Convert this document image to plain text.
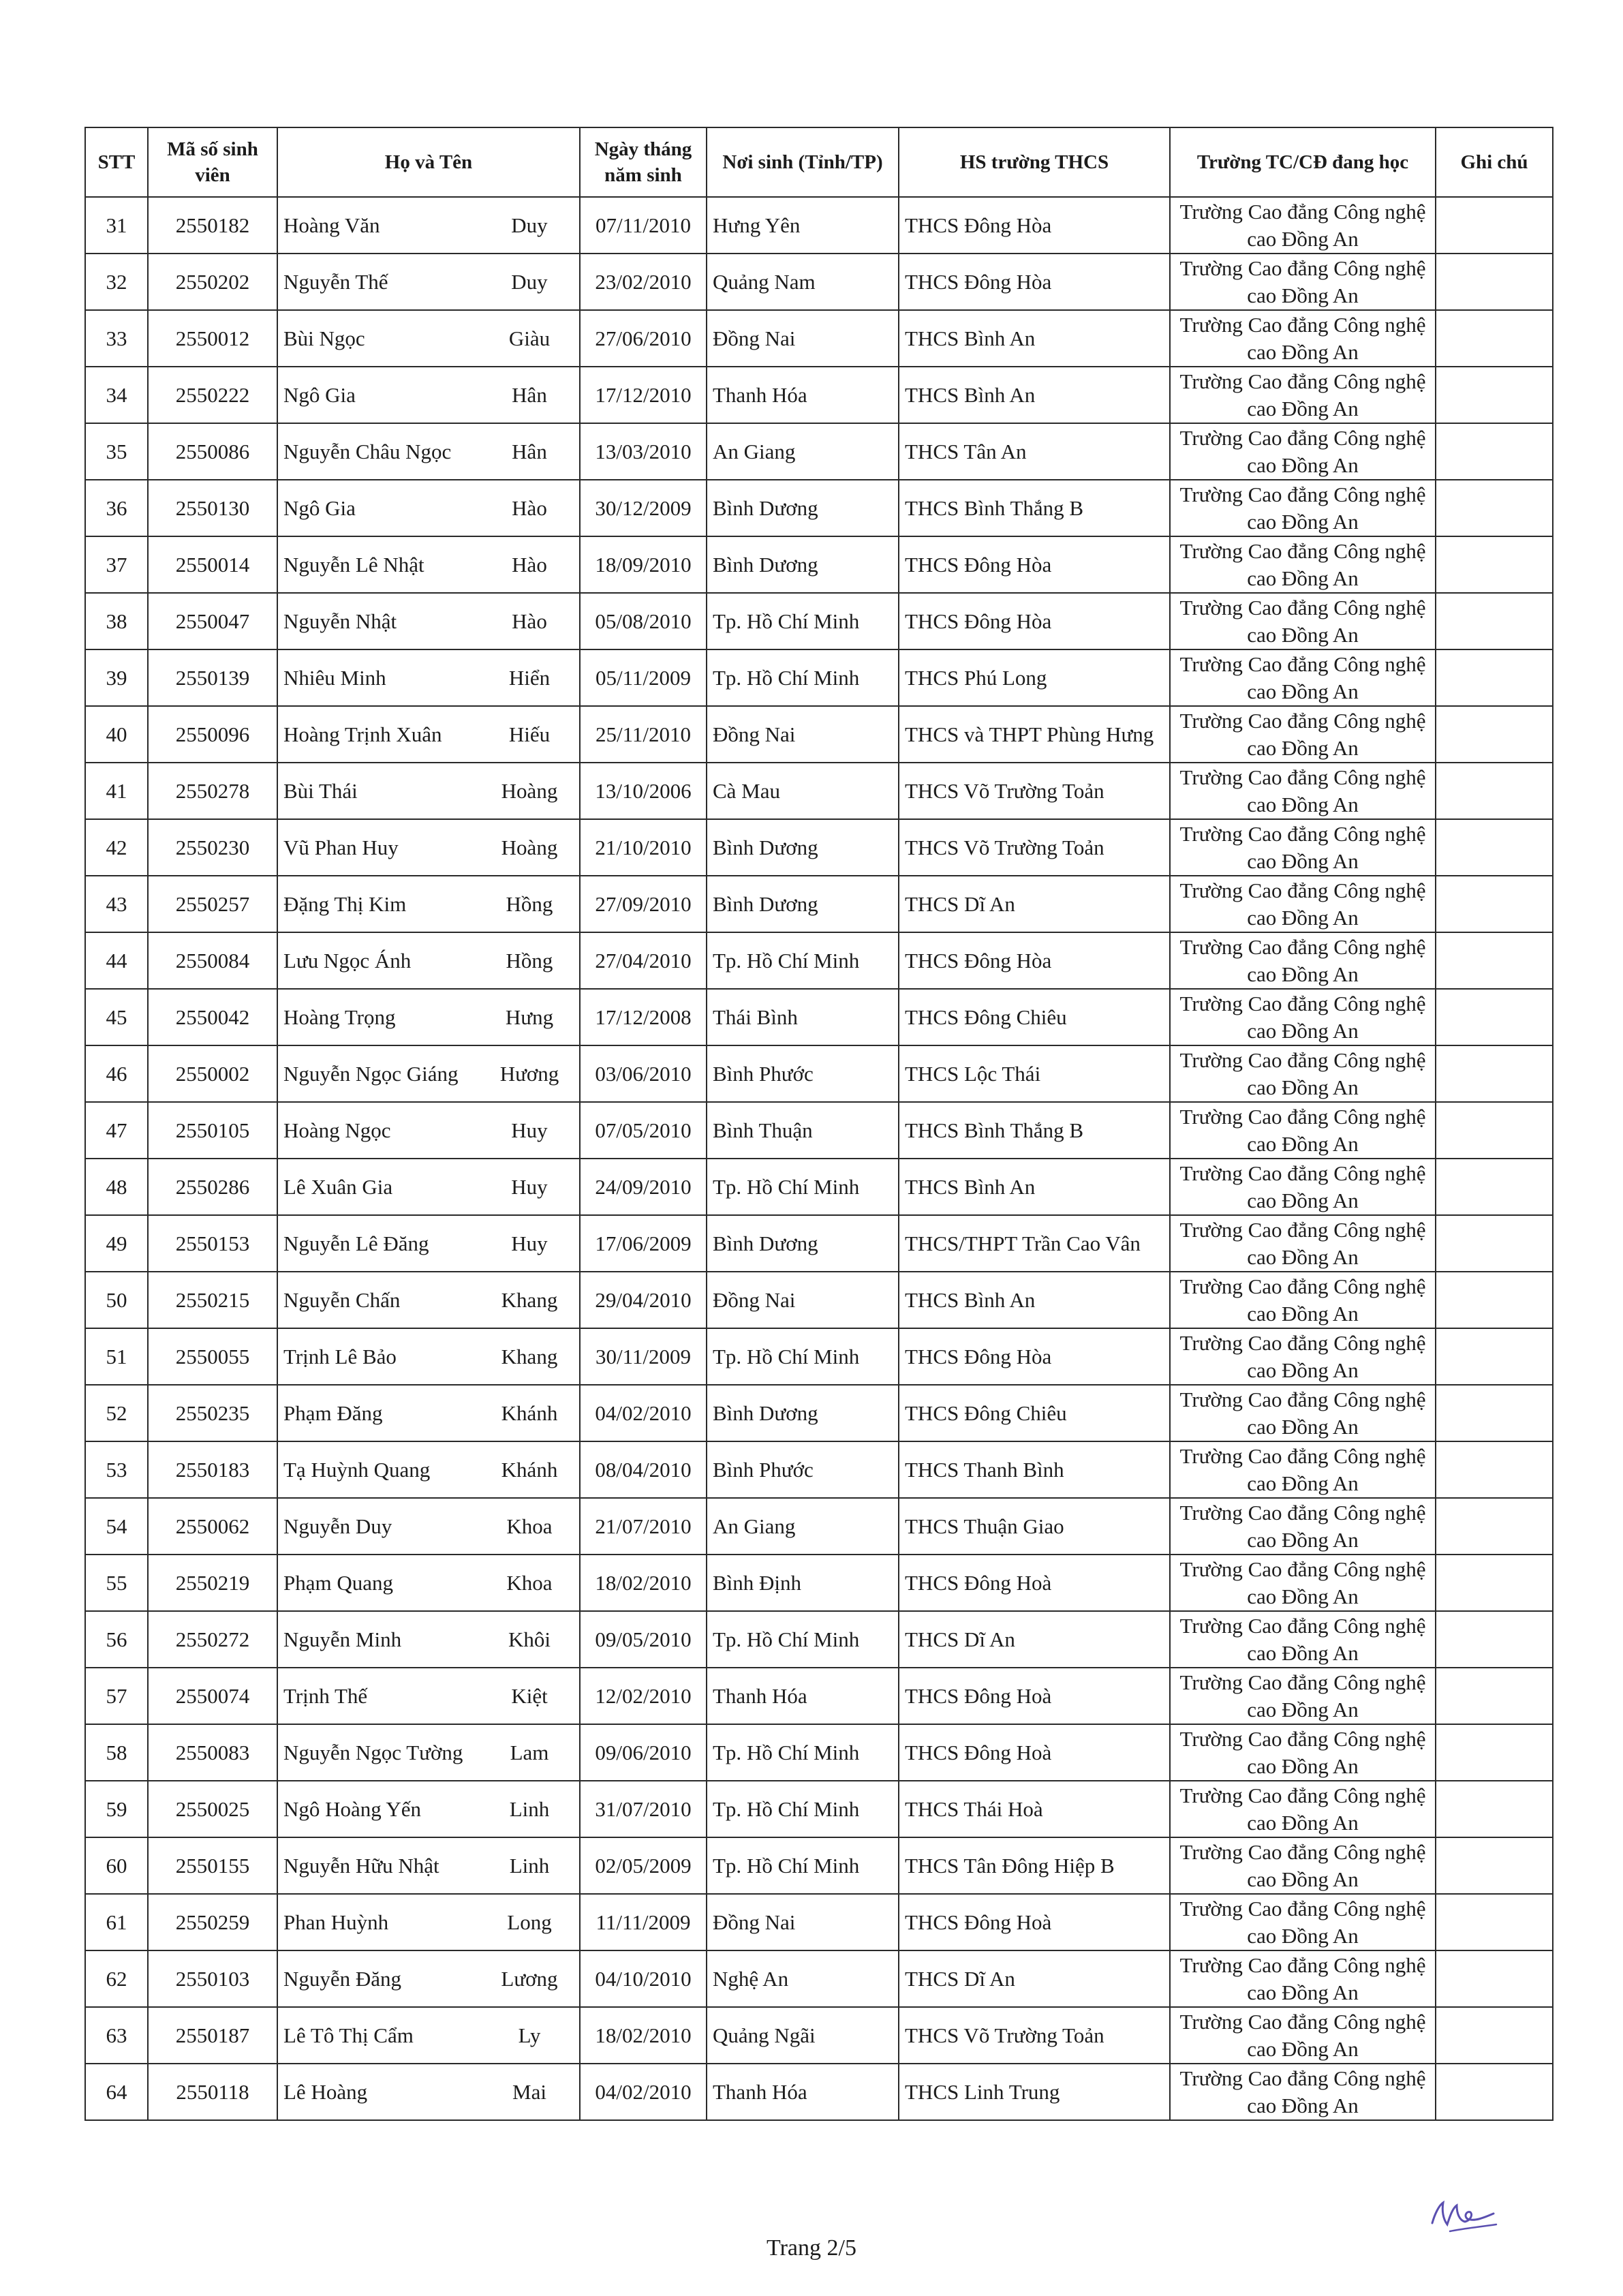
STT	Mã số sinh viên	Họ và Tên	Ngày tháng năm sinh	Nơi sinh (Tỉnh/TP)	HS trường THCS	Trường TC/CĐ đang học	Ghi chú
31	2550182	Hoàng Văn Duy	07/11/2010	Hưng Yên	THCS Đông Hòa	Trường Cao đẳng Công nghệ cao Đồng An	
32	2550202	Nguyễn Thế Duy	23/02/2010	Quảng Nam	THCS Đông Hòa	Trường Cao đẳng Công nghệ cao Đồng An	
33	2550012	Bùi Ngọc Giàu	27/06/2010	Đồng Nai	THCS Bình An	Trường Cao đẳng Công nghệ cao Đồng An	
34	2550222	Ngô Gia Hân	17/12/2010	Thanh Hóa	THCS Bình An	Trường Cao đẳng Công nghệ cao Đồng An	
35	2550086	Nguyễn Châu Ngọc Hân	13/03/2010	An Giang	THCS Tân An	Trường Cao đẳng Công nghệ cao Đồng An	
36	2550130	Ngô Gia Hào	30/12/2009	Bình Dương	THCS Bình Thắng B	Trường Cao đẳng Công nghệ cao Đồng An	
37	2550014	Nguyễn Lê Nhật Hào	18/09/2010	Bình Dương	THCS Đông Hòa	Trường Cao đẳng Công nghệ cao Đồng An	
38	2550047	Nguyễn Nhật Hào	05/08/2010	Tp. Hồ Chí Minh	THCS Đông Hòa	Trường Cao đẳng Công nghệ cao Đồng An	
39	2550139	Nhiêu Minh Hiển	05/11/2009	Tp. Hồ Chí Minh	THCS Phú Long	Trường Cao đẳng Công nghệ cao Đồng An	
40	2550096	Hoàng Trịnh Xuân Hiếu	25/11/2010	Đồng Nai	THCS và THPT Phùng Hưng	Trường Cao đẳng Công nghệ cao Đồng An	
41	2550278	Bùi Thái Hoàng	13/10/2006	Cà Mau	THCS Võ Trường Toản	Trường Cao đẳng Công nghệ cao Đồng An	
42	2550230	Vũ Phan Huy Hoàng	21/10/2010	Bình Dương	THCS Võ Trường Toản	Trường Cao đẳng Công nghệ cao Đồng An	
43	2550257	Đặng Thị Kim Hồng	27/09/2010	Bình Dương	THCS Dĩ An	Trường Cao đẳng Công nghệ cao Đồng An	
44	2550084	Lưu Ngọc Ánh Hồng	27/04/2010	Tp. Hồ Chí Minh	THCS Đông Hòa	Trường Cao đẳng Công nghệ cao Đồng An	
45	2550042	Hoàng Trọng Hưng	17/12/2008	Thái Bình	THCS Đông Chiêu	Trường Cao đẳng Công nghệ cao Đồng An	
46	2550002	Nguyễn Ngọc Giáng Hương	03/06/2010	Bình Phước	THCS Lộc Thái	Trường Cao đẳng Công nghệ cao Đồng An	
47	2550105	Hoàng Ngọc Huy	07/05/2010	Bình Thuận	THCS Bình Thắng B	Trường Cao đẳng Công nghệ cao Đồng An	
48	2550286	Lê Xuân Gia Huy	24/09/2010	Tp. Hồ Chí Minh	THCS Bình An	Trường Cao đẳng Công nghệ cao Đồng An	
49	2550153	Nguyễn Lê Đăng Huy	17/06/2009	Bình Dương	THCS/THPT Trần Cao Vân	Trường Cao đẳng Công nghệ cao Đồng An	
50	2550215	Nguyễn Chấn Khang	29/04/2010	Đồng Nai	THCS Bình An	Trường Cao đẳng Công nghệ cao Đồng An	
51	2550055	Trịnh Lê Bảo Khang	30/11/2009	Tp. Hồ Chí Minh	THCS Đông Hòa	Trường Cao đẳng Công nghệ cao Đồng An	
52	2550235	Phạm Đăng Khánh	04/02/2010	Bình Dương	THCS Đông Chiêu	Trường Cao đẳng Công nghệ cao Đồng An	
53	2550183	Tạ Huỳnh Quang Khánh	08/04/2010	Bình Phước	THCS Thanh Bình	Trường Cao đẳng Công nghệ cao Đồng An	
54	2550062	Nguyễn Duy Khoa	21/07/2010	An Giang	THCS Thuận Giao	Trường Cao đẳng Công nghệ cao Đồng An	
55	2550219	Phạm Quang Khoa	18/02/2010	Bình Định	THCS Đông Hoà	Trường Cao đẳng Công nghệ cao Đồng An	
56	2550272	Nguyễn Minh Khôi	09/05/2010	Tp. Hồ Chí Minh	THCS Dĩ An	Trường Cao đẳng Công nghệ cao Đồng An	
57	2550074	Trịnh Thế Kiệt	12/02/2010	Thanh Hóa	THCS Đông Hoà	Trường Cao đẳng Công nghệ cao Đồng An	
58	2550083	Nguyễn Ngọc Tường Lam	09/06/2010	Tp. Hồ Chí Minh	THCS Đông Hoà	Trường Cao đẳng Công nghệ cao Đồng An	
59	2550025	Ngô Hoàng Yến Linh	31/07/2010	Tp. Hồ Chí Minh	THCS Thái Hoà	Trường Cao đẳng Công nghệ cao Đồng An	
60	2550155	Nguyễn Hữu Nhật Linh	02/05/2009	Tp. Hồ Chí Minh	THCS Tân Đông Hiệp B	Trường Cao đẳng Công nghệ cao Đồng An	
61	2550259	Phan Huỳnh Long	11/11/2009	Đồng Nai	THCS Đông Hoà	Trường Cao đẳng Công nghệ cao Đồng An	
62	2550103	Nguyễn Đăng Lương	04/10/2010	Nghệ An	THCS Dĩ An	Trường Cao đẳng Công nghệ cao Đồng An	
63	2550187	Lê Tô Thị Cẩm Ly	18/02/2010	Quảng Ngãi	THCS Võ Trường Toản	Trường Cao đẳng Công nghệ cao Đồng An	
64	2550118	Lê Hoàng Mai	04/02/2010	Thanh Hóa	THCS Linh Trung	Trường Cao đẳng Công nghệ cao Đồng An	
Trang 2/5
